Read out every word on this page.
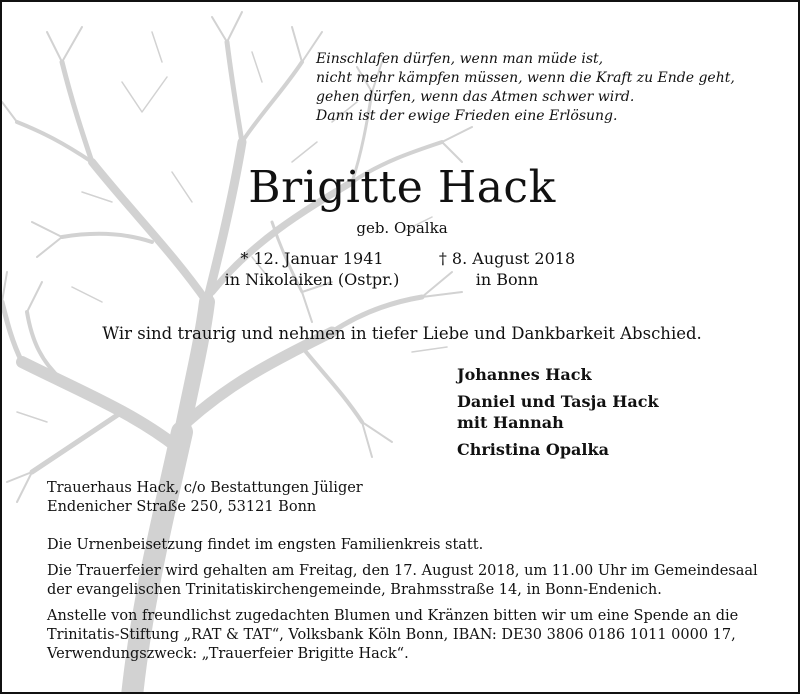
Einschlafen dürfen, wenn man müde ist,
nicht mehr kämpfen müssen, wenn die Kraft zu Ende geht,
gehen dürfen, wenn das Atmen schwer wird.
Dann ist der ewige Frieden eine Erlösung.
Brigitte Hack
geb. Opalka
* 12. Januar 1941
in Nikolaiken (Ostpr.)
† 8. August 2018
in Bonn
Wir sind traurig und nehmen in tiefer Liebe und Dankbarkeit Abschied.
Johannes Hack
Daniel und Tasja Hack
mit Hannah
Christina Opalka
Trauerhaus Hack, c/o Bestattungen Jüliger
Endenicher Straße 250, 53121 Bonn
Die Urnenbeisetzung findet im engsten Familienkreis statt.
Die Trauerfeier wird gehalten am Freitag, den 17. August 2018, um 11.00 Uhr im Gemeindesaal
der evangelischen Trinitatiskirchengemeinde, Brahmsstraße 14, in Bonn-Endenich.
Anstelle von freundlichst zugedachten Blumen und Kränzen bitten wir um eine Spende an die
Trinitatis-Stiftung „RAT & TAT“, Volksbank Köln Bonn, IBAN: DE30 3806 0186 1011 0000 17,
Verwendungszweck: „Trauerfeier Brigitte Hack“.
